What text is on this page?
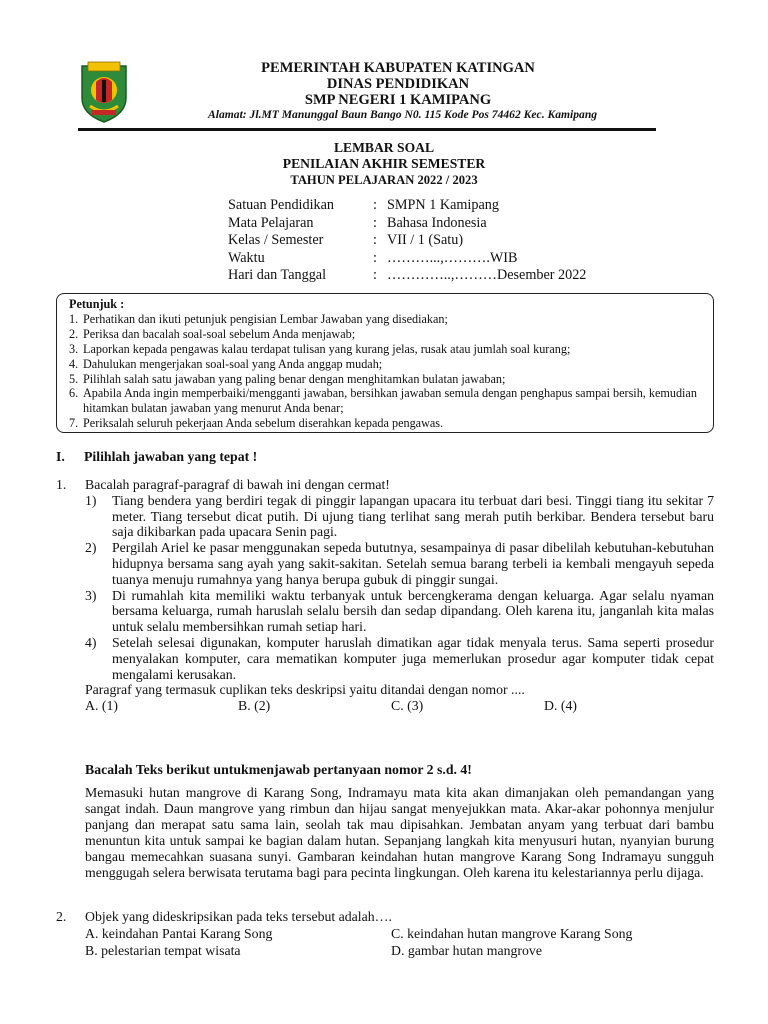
PEMERINTAH KABUPATEN KATINGAN
DINAS PENDIDIKAN
SMP NEGERI 1 KAMIPANG
Alamat: Jl.MT Manunggal Baun Bango N0. 115 Kode Pos 74462 Kec. Kamipang
LEMBAR SOAL
PENILAIAN AKHIR SEMESTER
TAHUN PELAJARAN 2022 / 2023
Satuan Pendidikan	: SMPN 1 Kamipang
Mata Pelajaran	: Bahasa Indonesia
Kelas / Semester	: VII / 1 (Satu)
Waktu	: ………...,……….WIB
Hari dan Tanggal	: …………..,………Desember 2022
Petunjuk :
1. Perhatikan dan ikuti petunjuk pengisian Lembar Jawaban yang disediakan;
2. Periksa dan bacalah soal-soal sebelum Anda menjawab;
3. Laporkan kepada pengawas kalau terdapat tulisan yang kurang jelas, rusak atau jumlah soal kurang;
4. Dahulukan mengerjakan soal-soal yang Anda anggap mudah;
5. Pilihlah salah satu jawaban yang paling benar dengan menghitamkan bulatan jawaban;
6. Apabila Anda ingin memperbaiki/mengganti jawaban, bersihkan jawaban semula dengan penghapus sampai bersih, kemudian hitamkan bulatan jawaban yang menurut Anda benar;
7. Periksalah seluruh pekerjaan Anda sebelum diserahkan kepada pengawas.
I. Pilihlah jawaban yang tepat !
1. Bacalah paragraf-paragraf di bawah ini dengan cermat!
1) Tiang bendera yang berdiri tegak di pinggir lapangan upacara itu terbuat dari besi. Tinggi tiang itu sekitar 7 meter. Tiang tersebut dicat putih. Di ujung tiang terlihat sang merah putih berkibar. Bendera tersebut baru saja dikibarkan pada upacara Senin pagi.
2) Pergilah Ariel ke pasar menggunakan sepeda bututnya, sesampainya di pasar dibelilah kebutuhan-kebutuhan hidupnya bersama sang ayah yang sakit-sakitan. Setelah semua barang terbeli ia kembali mengayuh sepeda tuanya menuju rumahnya yang hanya berupa gubuk di pinggir sungai.
3) Di rumahlah kita memiliki waktu terbanyak untuk bercengkerama dengan keluarga. Agar selalu nyaman bersama keluarga, rumah haruslah selalu bersih dan sedap dipandang. Oleh karena itu, janganlah kita malas untuk selalu membersihkan rumah setiap hari.
4) Setelah selesai digunakan, komputer haruslah dimatikan agar tidak menyala terus. Sama seperti prosedur menyalakan komputer, cara mematikan komputer juga memerlukan prosedur agar komputer tidak cepat mengalami kerusakan.
Paragraf yang termasuk cuplikan teks deskripsi yaitu ditandai dengan nomor ....
A. (1)	B. (2)	C. (3)	D. (4)
Bacalah Teks berikut untukmenjawab pertanyaan nomor 2 s.d. 4!
Memasuki hutan mangrove di Karang Song, Indramayu mata kita akan dimanjakan oleh pemandangan yang sangat indah. Daun mangrove yang rimbun dan hijau sangat menyejukkan mata. Akar-akar pohonnya menjulur panjang dan merapat satu sama lain, seolah tak mau dipisahkan. Jembatan anyam yang terbuat dari bambu menuntun kita untuk sampai ke bagian dalam hutan. Sepanjang langkah kita menyusuri hutan, nyanyian burung bangau memecahkan suasana sunyi. Gambaran keindahan hutan mangrove Karang Song Indramayu sungguh menggugah selera berwisata terutama bagi para pecinta lingkungan. Oleh karena itu kelestariannya perlu dijaga.
2. Objek yang dideskripsikan pada teks tersebut adalah….
A. keindahan Pantai Karang Song	C. keindahan hutan mangrove Karang Song
B. pelestarian tempat wisata	D. gambar hutan mangrove
